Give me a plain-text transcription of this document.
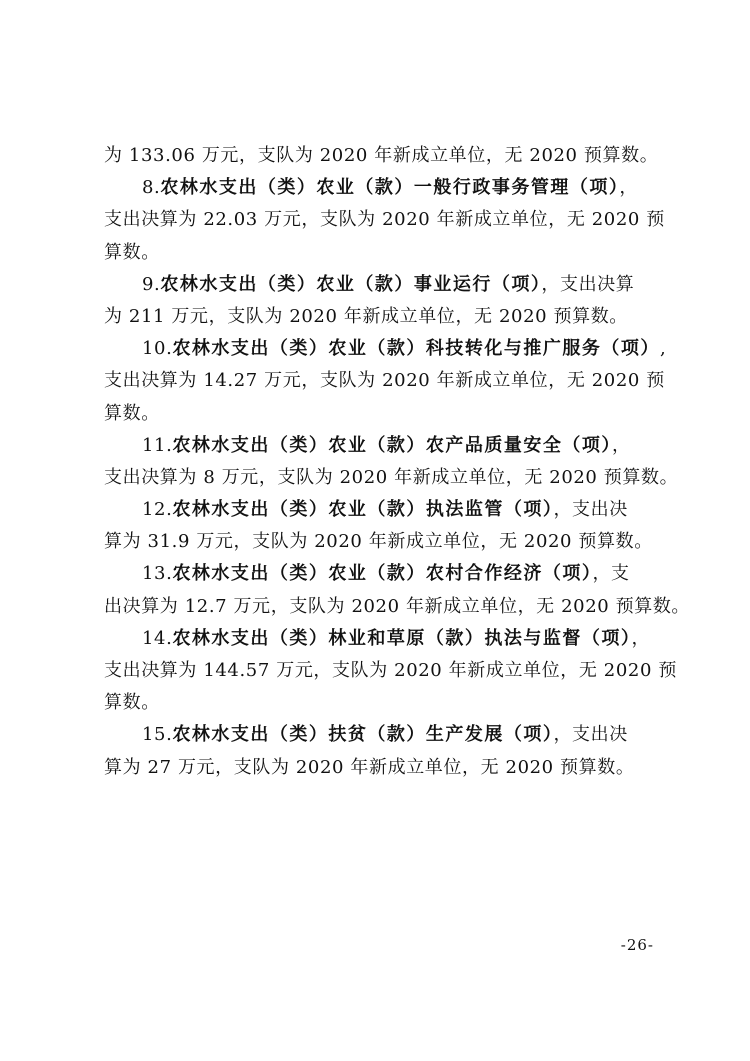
为 133.06 万元，支队为 2020 年新成立单位，无 2020 预算数。
8.农林水支出（类）农业（款）一般行政事务管理（项），
支出决算为 22.03 万元，支队为 2020 年新成立单位，无 2020 预
算数。
9.农林水支出（类）农业（款）事业运行（项），支出决算
为 211 万元，支队为 2020 年新成立单位，无 2020 预算数。
10.农林水支出（类）农业（款）科技转化与推广服务（项）,
支出决算为 14.27 万元，支队为 2020 年新成立单位，无 2020 预
算数。
11.农林水支出（类）农业（款）农产品质量安全（项），
支出决算为 8 万元，支队为 2020 年新成立单位，无 2020 预算数。
12.农林水支出（类）农业（款）执法监管（项），支出决
算为 31.9 万元，支队为 2020 年新成立单位，无 2020 预算数。
13.农林水支出（类）农业（款）农村合作经济（项），支
出决算为 12.7 万元，支队为 2020 年新成立单位，无 2020 预算数。
14.农林水支出（类）林业和草原（款）执法与监督（项），
支出决算为 144.57 万元，支队为 2020 年新成立单位，无 2020 预
算数。
15.农林水支出（类）扶贫（款）生产发展（项），支出决
算为 27 万元，支队为 2020 年新成立单位，无 2020 预算数。
-26-
